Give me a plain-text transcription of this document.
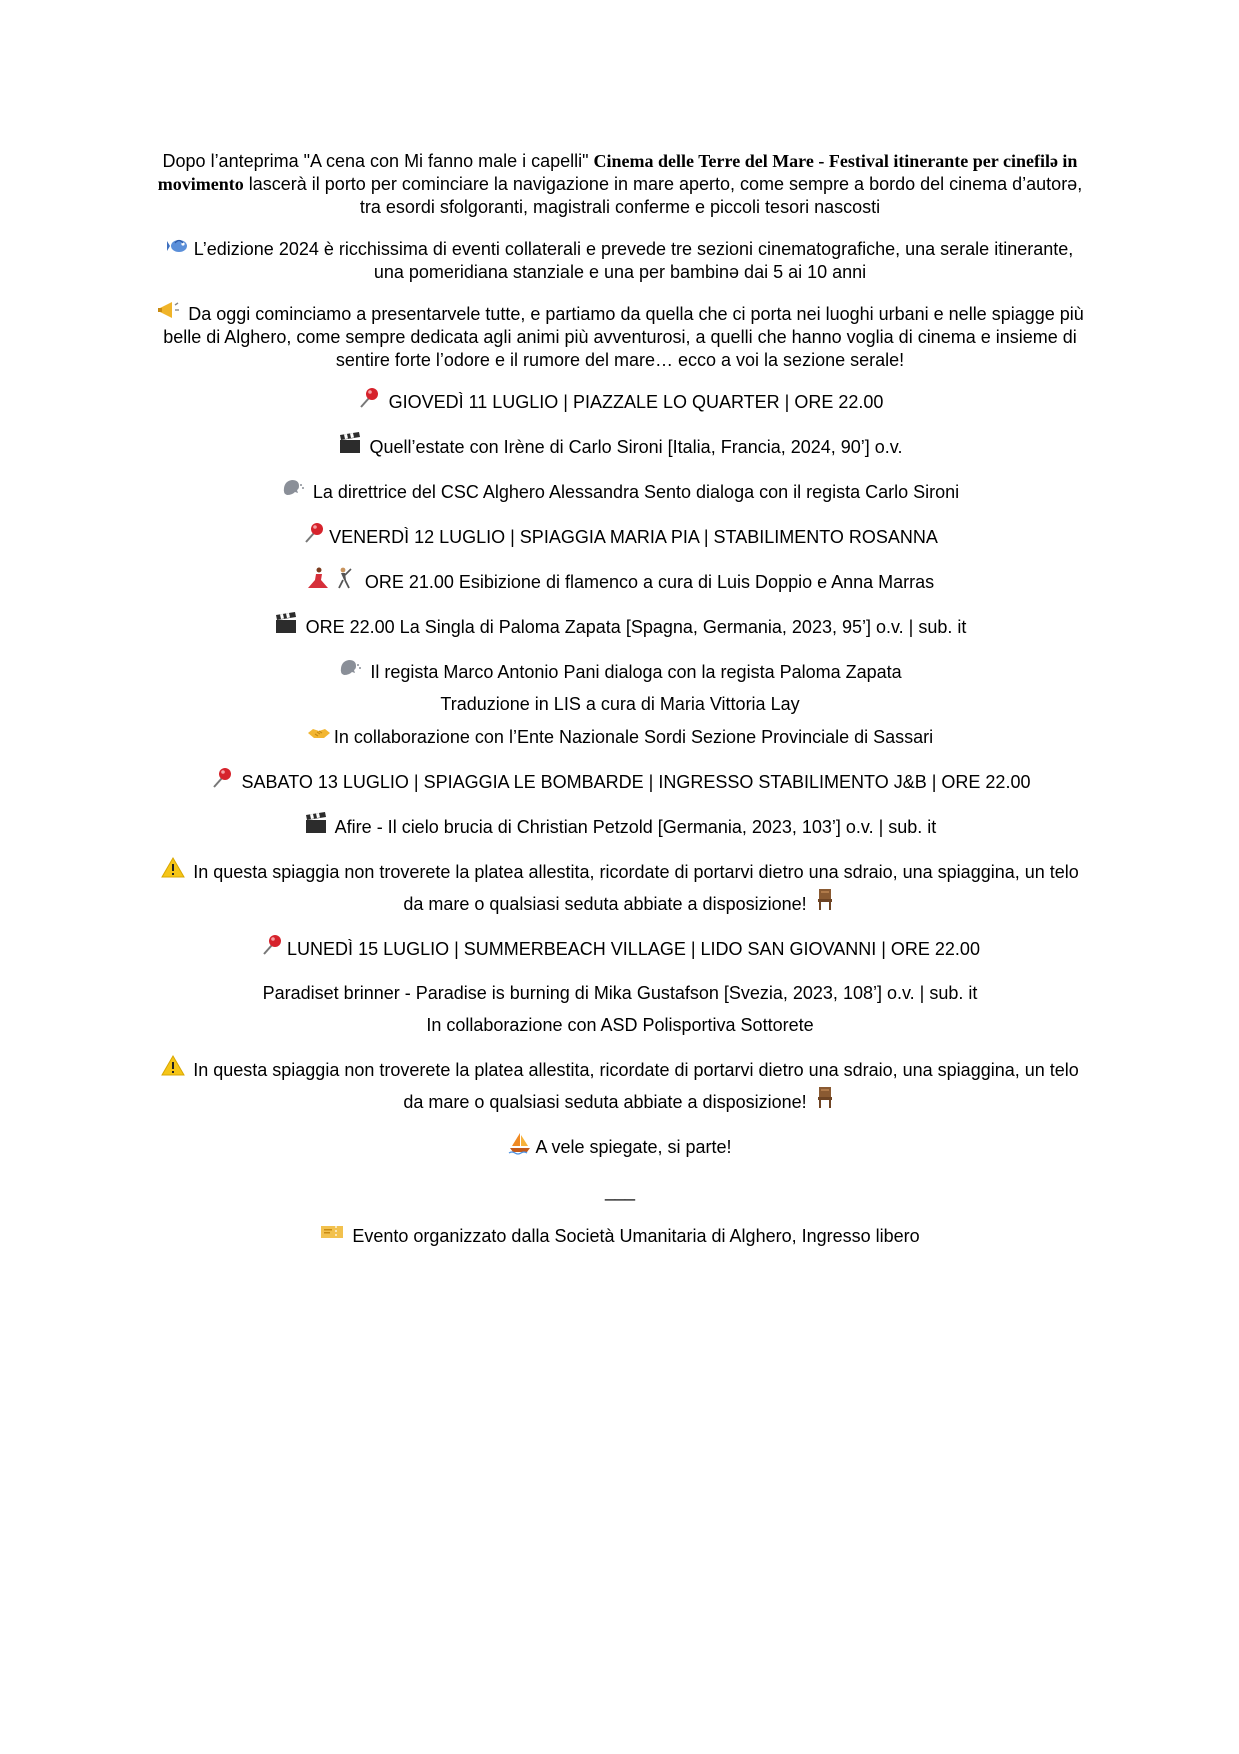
Dopo l’anteprima "A cena con Mi fanno male i capelli" Cinema delle Terre del Mare - Festival itinerante per cinefilə in movimento lascerà il porto per cominciare la navigazione in mare aperto, come sempre a bordo del cinema d’autorə, tra esordi sfolgoranti, magistrali conferme e piccoli tesori nascosti

L’edizione 2024 è ricchissima di eventi collaterali e prevede tre sezioni cinematografiche, una serale itinerante, una pomeridiana stanziale e una per bambinə dai 5 ai 10 anni

Da oggi cominciamo a presentarvele tutte, e partiamo da quella che ci porta nei luoghi urbani e nelle spiagge più belle di Alghero, come sempre dedicata agli animi più avventurosi, a quelli che hanno voglia di cinema e insieme di sentire forte l’odore e il rumore del mare… ecco a voi la sezione serale!

GIOVEDÌ 11 LUGLIO | PIAZZALE LO QUARTER | ORE 22.00

Quell’estate con Irène di Carlo Sironi [Italia, Francia, 2024, 90’] o.v.

La direttrice del CSC Alghero Alessandra Sento dialoga con il regista Carlo Sironi

VENERDÌ 12 LUGLIO | SPIAGGIA MARIA PIA | STABILIMENTO ROSANNA

ORE 21.00 Esibizione di flamenco a cura di Luis Doppio e Anna Marras

ORE 22.00 La Singla di Paloma Zapata [Spagna, Germania, 2023, 95’] o.v. | sub. it

Il regista Marco Antonio Pani dialoga con la regista Paloma Zapata

Traduzione in LIS a cura di Maria Vittoria Lay

In collaborazione con l’Ente Nazionale Sordi Sezione Provinciale di Sassari

SABATO 13 LUGLIO | SPIAGGIA LE BOMBARDE | INGRESSO STABILIMENTO J&B | ORE 22.00

Afire - Il cielo brucia di Christian Petzold [Germania, 2023, 103’] o.v. | sub. it

In questa spiaggia non troverete la platea allestita, ricordate di portarvi dietro una sdraio, una spiaggina, un telo da mare o qualsiasi seduta abbiate a disposizione!

LUNEDÌ 15 LUGLIO | SUMMERBEACH VILLAGE | LIDO SAN GIOVANNI | ORE 22.00

Paradiset brinner - Paradise is burning di Mika Gustafson [Svezia, 2023, 108’] o.v. | sub. it

In collaborazione con ASD Polisportiva Sottorete

In questa spiaggia non troverete la platea allestita, ricordate di portarvi dietro una sdraio, una spiaggina, un telo da mare o qualsiasi seduta abbiate a disposizione!

A vele spiegate, si parte!

___

Evento organizzato dalla Società Umanitaria di Alghero, Ingresso libero
